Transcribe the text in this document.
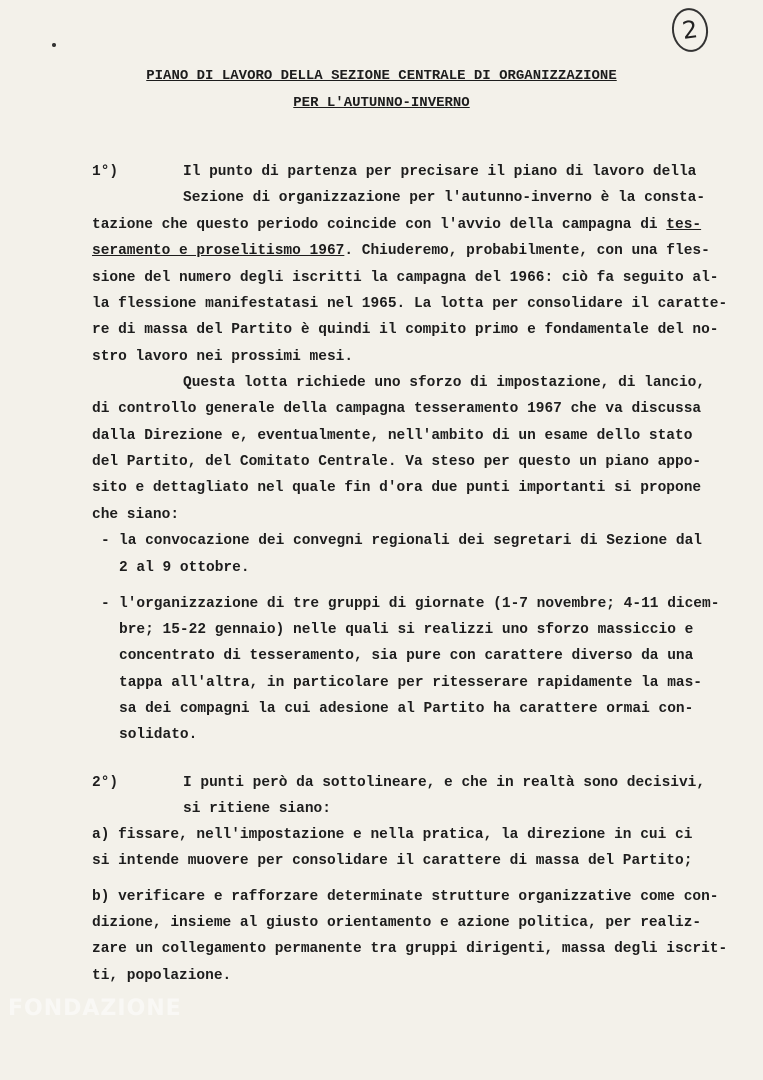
2
PIANO DI LAVORO DELLA SEZIONE CENTRALE DI ORGANIZZAZIONE
PER L'AUTUNNO-INVERNO
1°)	Il punto di partenza per precisare il piano di lavoro della
Sezione di organizzazione per l'autunno-inverno è la consta-
tazione che questo periodo coincide con l'avvio della campagna di tes-
seramento e proselitismo 1967. Chiuderemo, probabilmente, con una fles-
sione del numero degli iscritti la campagna del 1966: ciò fa seguito al-
la flessione manifestatasi nel 1965. La lotta per consolidare il caratte-
re di massa del Partito è quindi il compito primo e fondamentale del no-
stro lavoro nei prossimi mesi.
Questa lotta richiede uno sforzo di impostazione, di lancio,
di controllo generale della campagna tesseramento 1967 che va discussa
dalla Direzione e, eventualmente, nell'ambito di un esame dello stato
del Partito, del Comitato Centrale. Va steso per questo un piano appo-
sito e dettagliato nel quale fin d'ora due punti importanti si propone
che siano:
- la convocazione dei convegni regionali dei segretari di Sezione dal
2 al 9 ottobre.
- l'organizzazione di tre gruppi di giornate (1-7 novembre; 4-11 dicem-
bre; 15-22 gennaio) nelle quali si realizzi uno sforzo massiccio e
concentrato di tesseramento, sia pure con carattere diverso da una
tappa all'altra, in particolare per ritesserare rapidamente la mas-
sa dei compagni la cui adesione al Partito ha carattere ormai con-
solidato.
2°)	I punti però da sottolineare, e che in realtà sono decisivi,
si ritiene siano:
a) fissare, nell'impostazione e nella pratica, la direzione in cui ci
si intende muovere per consolidare il carattere di massa del Partito;
b) verificare e rafforzare determinate strutture organizzative come con-
dizione, insieme al giusto orientamento e azione politica, per realiz-
zare un collegamento permanente tra gruppi dirigenti, massa degli iscrit-
ti, popolazione.
FONDAZIONE
